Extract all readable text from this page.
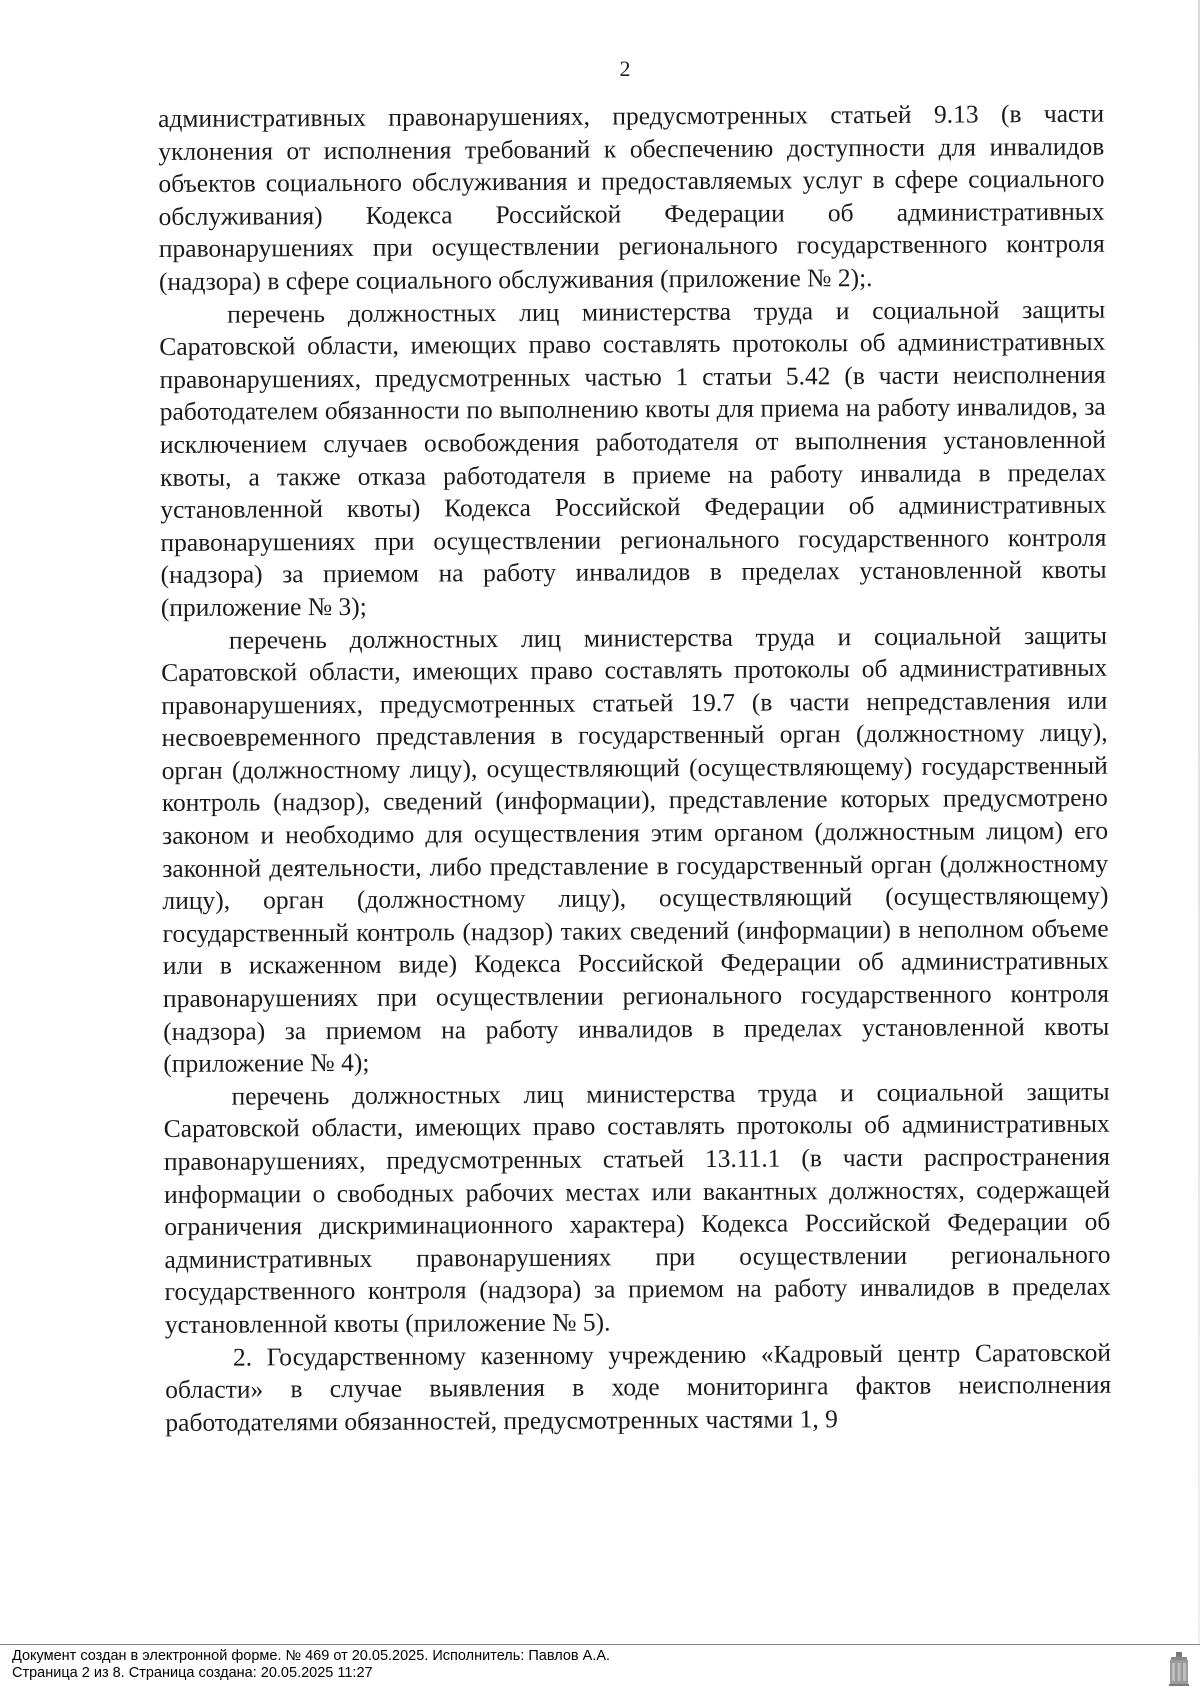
2

административных правонарушениях, предусмотренных статьей 9.13 (в части уклонения от исполнения требований к обеспечению доступности для инвалидов объектов социального обслуживания и предоставляемых услуг в сфере социального обслуживания) Кодекса Российской Федерации об административных правонарушениях при осуществлении регионального государственного контроля (надзора) в сфере социального обслуживания (приложение № 2);.

перечень должностных лиц министерства труда и социальной защиты Саратовской области, имеющих право составлять протоколы об административных правонарушениях, предусмотренных частью 1 статьи 5.42 (в части неисполнения работодателем обязанности по выполнению квоты для приема на работу инвалидов, за исключением случаев освобождения работодателя от выполнения установленной квоты, а также отказа работодателя в приеме на работу инвалида в пределах установленной квоты) Кодекса Российской Федерации об административных правонарушениях при осуществлении регионального государственного контроля (надзора) за приемом на работу инвалидов в пределах установленной квоты (приложение № 3);

перечень должностных лиц министерства труда и социальной защиты Саратовской области, имеющих право составлять протоколы об административных правонарушениях, предусмотренных статьей 19.7 (в части непредставления или несвоевременного представления в государственный орган (должностному лицу), орган (должностному лицу), осуществляющий (осуществляющему) государственный контроль (надзор), сведений (информации), представление которых предусмотрено законом и необходимо для осуществления этим органом (должностным лицом) его законной деятельности, либо представление в государственный орган (должностному лицу), орган (должностному лицу), осуществляющий (осуществляющему) государственный контроль (надзор) таких сведений (информации) в неполном объеме или в искаженном виде) Кодекса Российской Федерации об административных правонарушениях при осуществлении регионального государственного контроля (надзора) за приемом на работу инвалидов в пределах установленной квоты (приложение № 4);

перечень должностных лиц министерства труда и социальной защиты Саратовской области, имеющих право составлять протоколы об административных правонарушениях, предусмотренных статьей 13.11.1 (в части распространения информации о свободных рабочих местах или вакантных должностях, содержащей ограничения дискриминационного характера) Кодекса Российской Федерации об административных правонарушениях при осуществлении регионального государственного контроля (надзора) за приемом на работу инвалидов в пределах установленной квоты (приложение № 5).

2. Государственному казенному учреждению «Кадровый центр Саратовской области» в случае выявления в ходе мониторинга фактов неисполнения работодателями обязанностей, предусмотренных частями 1, 9

Документ создан в электронной форме. № 469 от 20.05.2025. Исполнитель: Павлов А.А.
Страница 2 из 8. Страница создана: 20.05.2025 11:27
